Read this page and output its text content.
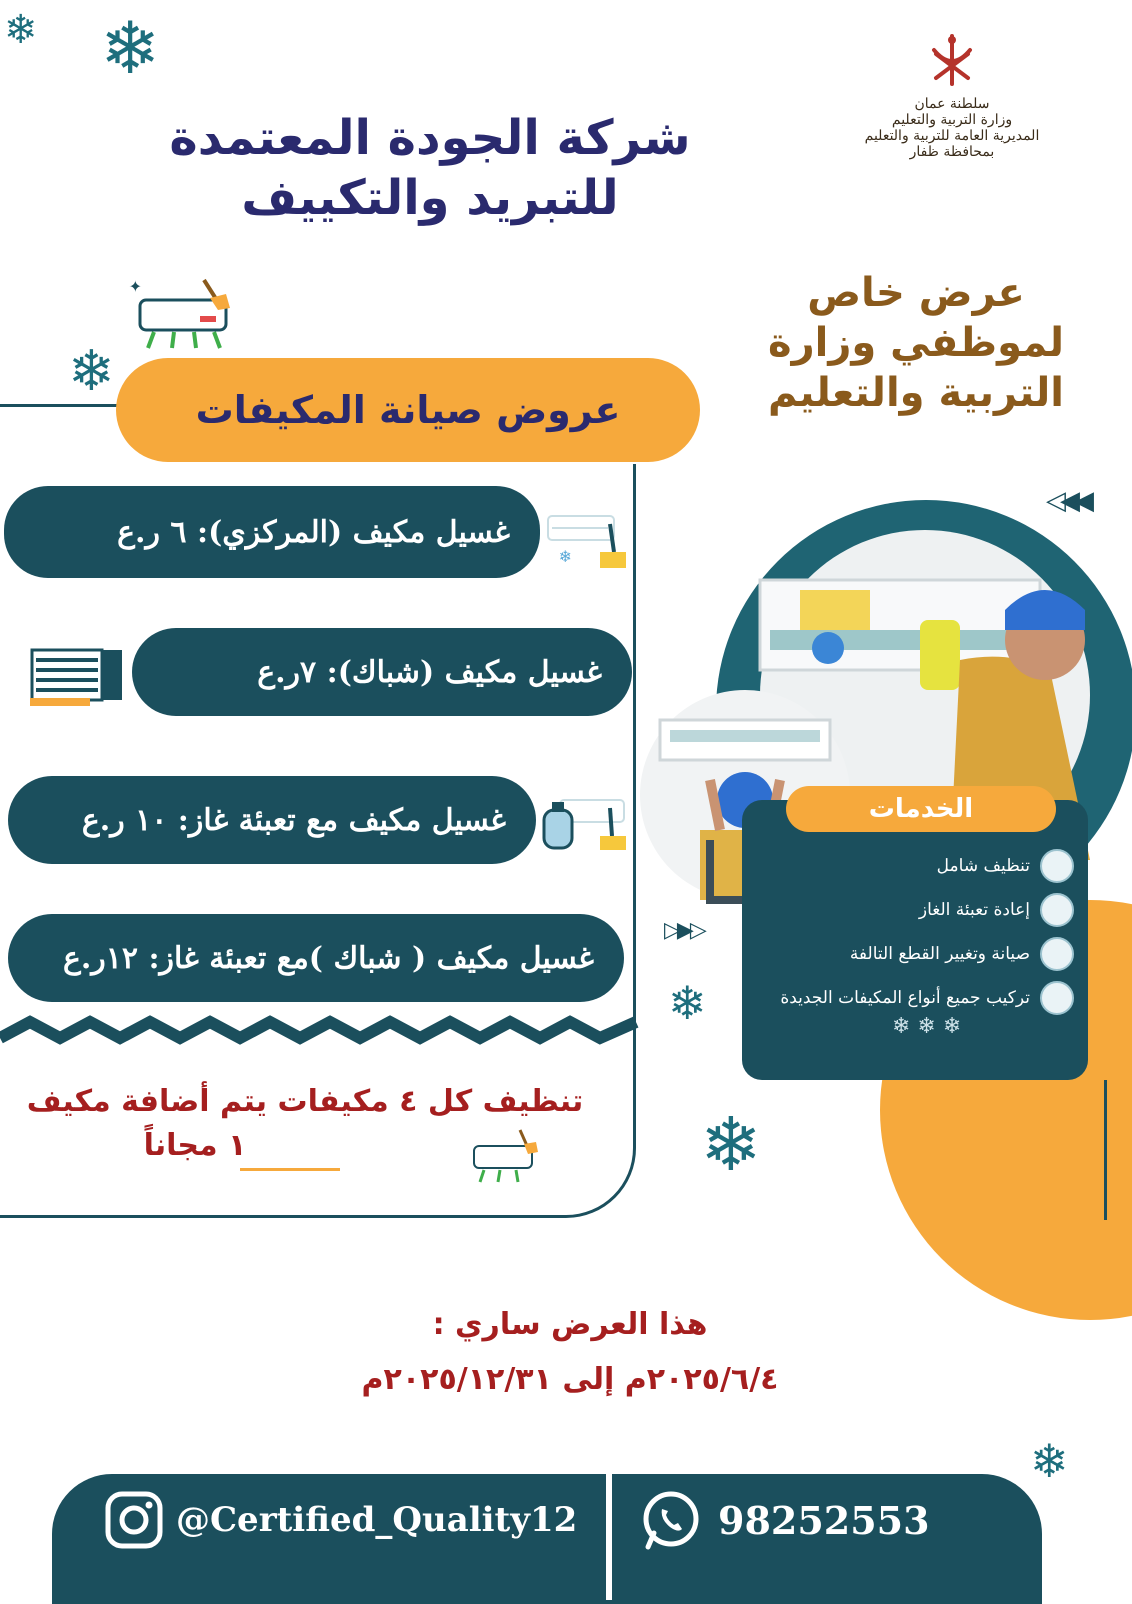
❄ ❄
❄
❄
❄
❄
سلطنة عمان
وزارة التربية والتعليم
المديرية العامة للتربية والتعليم
بمحافظة ظفار
شركة الجودة المعتمدة
للتبريد والتكييف
✦
عروض صيانة المكيفات
غسيل مكيف (المركزي): ٦ ر.ع
غسيل مكيف (شباك): ٧ر.ع
غسيل مكيف مع تعبئة غاز: ١٠ ر.ع
غسيل مكيف ( شباك )مع تعبئة غاز: ١٢ر.ع
❄
تنظيف كل ٤ مكيفات يتم أضافة مكيف
١ مجاناً
عرض خاص
لموظفي وزارة
التربية والتعليم
◁◀◀
▷▶▷
تنظيف شامل
إعادة تعبئة الغاز
صيانة وتغيير القطع التالفة
تركيب جميع أنواع المكيفات الجديدة
❄ ❄ ❄
الخدمات
هذا العرض ساري :
٢٠٢٥/٦/٤م إلى ٢٠٢٥/١٢/٣١م
@Certified_Quality12	98252553
